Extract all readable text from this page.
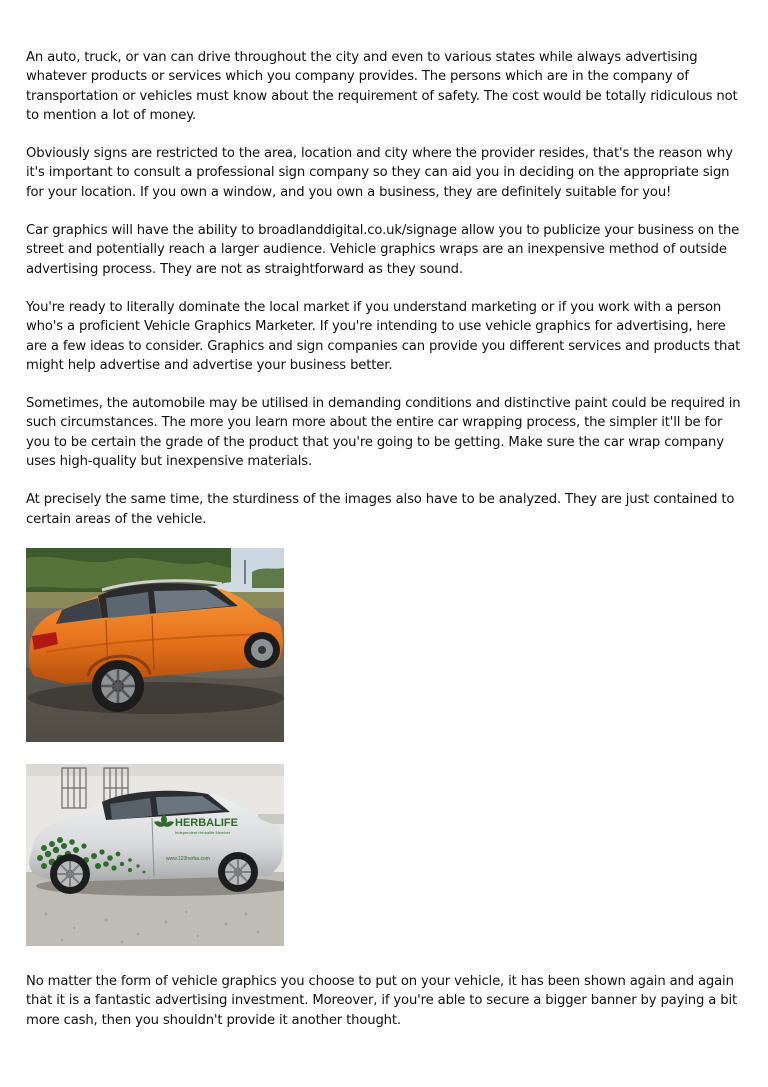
An auto, truck, or van can drive throughout the city and even to various states while always advertising whatever products or services which you company provides. The persons which are in the company of transportation or vehicles must know about the requirement of safety. The cost would be totally ridiculous not to mention a lot of money.

Obviously signs are restricted to the area, location and city where the provider resides, that's the reason why it's important to consult a professional sign company so they can aid you in deciding on the appropriate sign for your location. If you own a window, and you own a business, they are definitely suitable for you!

Car graphics will have the ability to broadlanddigital.co.uk/signage allow you to publicize your business on the street and potentially reach a larger audience. Vehicle graphics wraps are an inexpensive method of outside advertising process. They are not as straightforward as they sound.

You're ready to literally dominate the local market if you understand marketing or if you work with a person who's a proficient Vehicle Graphics Marketer. If you're intending to use vehicle graphics for advertising, here are a few ideas to consider. Graphics and sign companies can provide you different services and products that might help advertise and advertise your business better.

Sometimes, the automobile may be utilised in demanding conditions and distinctive paint could be required in such circumstances. The more you learn more about the entire car wrapping process, the simpler it'll be for you to be certain the grade of the product that you're going to be getting. Make sure the car wrap company uses high-quality but inexpensive materials.

At precisely the same time, the sturdiness of the images also have to be analyzed. They are just contained to certain areas of the vehicle.

HERBALIFE
Independent Herbalife Member
www.123herba.com

No matter the form of vehicle graphics you choose to put on your vehicle, it has been shown again and again that it is a fantastic advertising investment. Moreover, if you're able to secure a bigger banner by paying a bit more cash, then you shouldn't provide it another thought.
